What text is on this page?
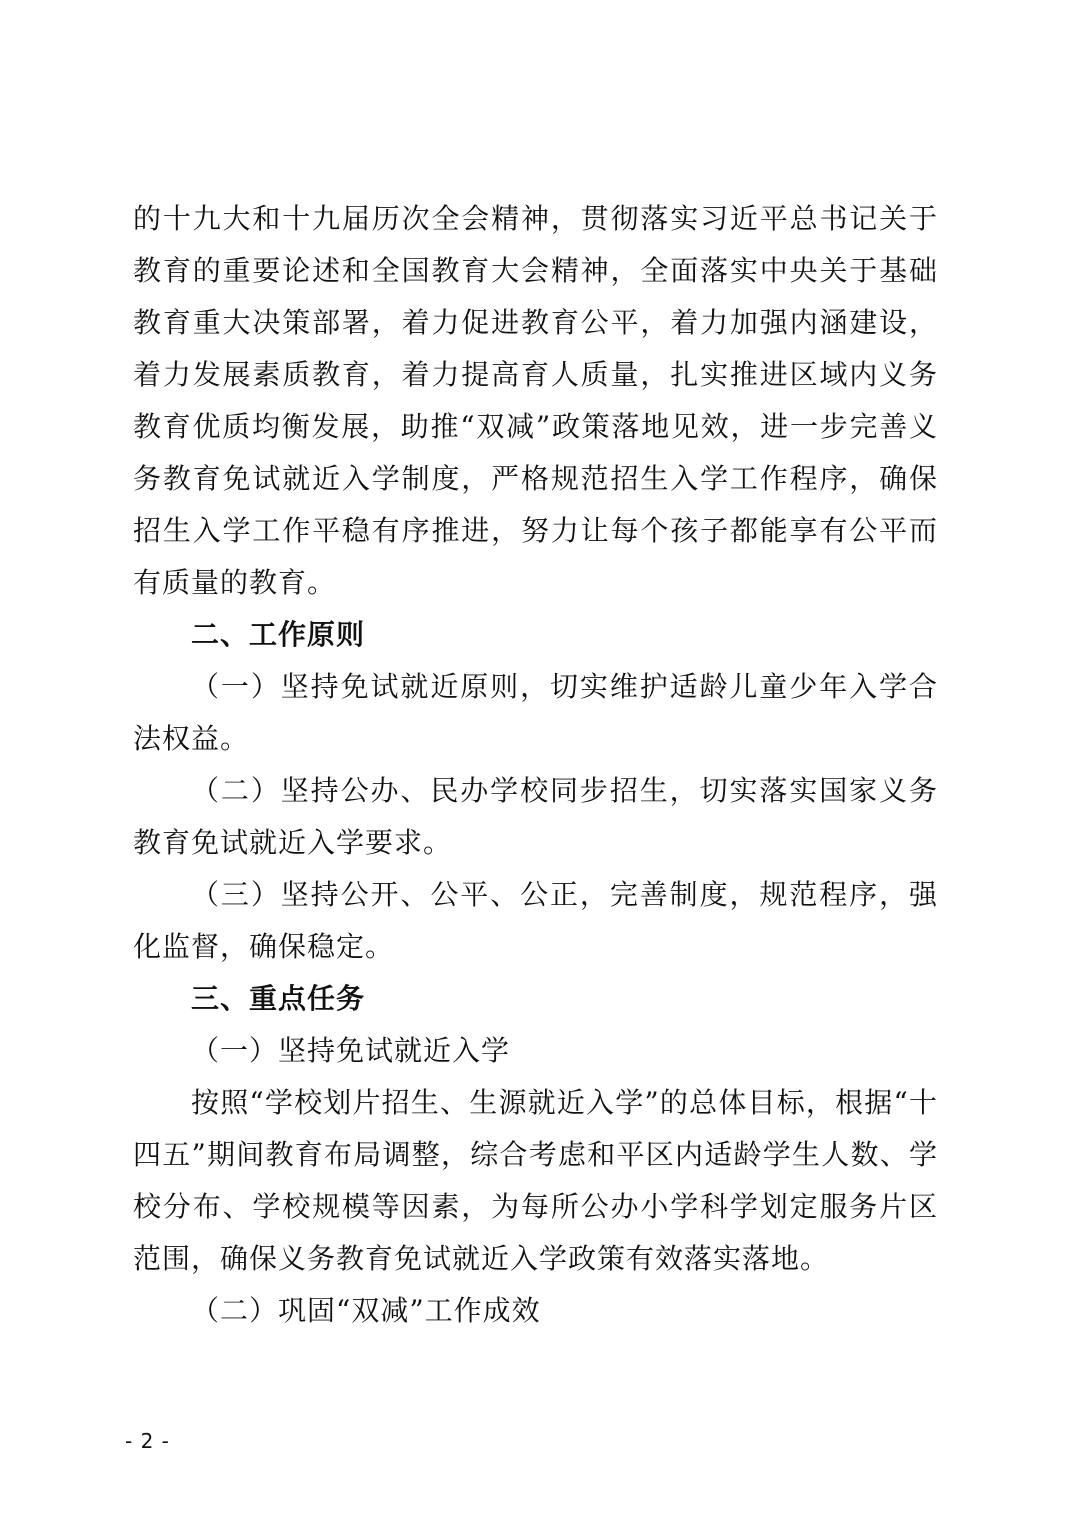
的十九大和十九届历次全会精神，贯彻落实习近平总书记关于教育的重要论述和全国教育大会精神，全面落实中央关于基础教育重大决策部署，着力促进教育公平，着力加强内涵建设，着力发展素质教育，着力提高育人质量，扎实推进区域内义务教育优质均衡发展，助推“双减”政策落地见效，进一步完善义务教育免试就近入学制度，严格规范招生入学工作程序，确保招生入学工作平稳有序推进，努力让每个孩子都能享有公平而有质量的教育。

二、工作原则

（一）坚持免试就近原则，切实维护适龄儿童少年入学合法权益。

（二）坚持公办、民办学校同步招生，切实落实国家义务教育免试就近入学要求。

（三）坚持公开、公平、公正，完善制度，规范程序，强化监督，确保稳定。

三、重点任务

（一）坚持免试就近入学

按照“学校划片招生、生源就近入学”的总体目标，根据“十四五”期间教育布局调整，综合考虑和平区内适龄学生人数、学校分布、学校规模等因素，为每所公办小学科学划定服务片区范围，确保义务教育免试就近入学政策有效落实落地。

（二）巩固“双减”工作成效

- 2 -
